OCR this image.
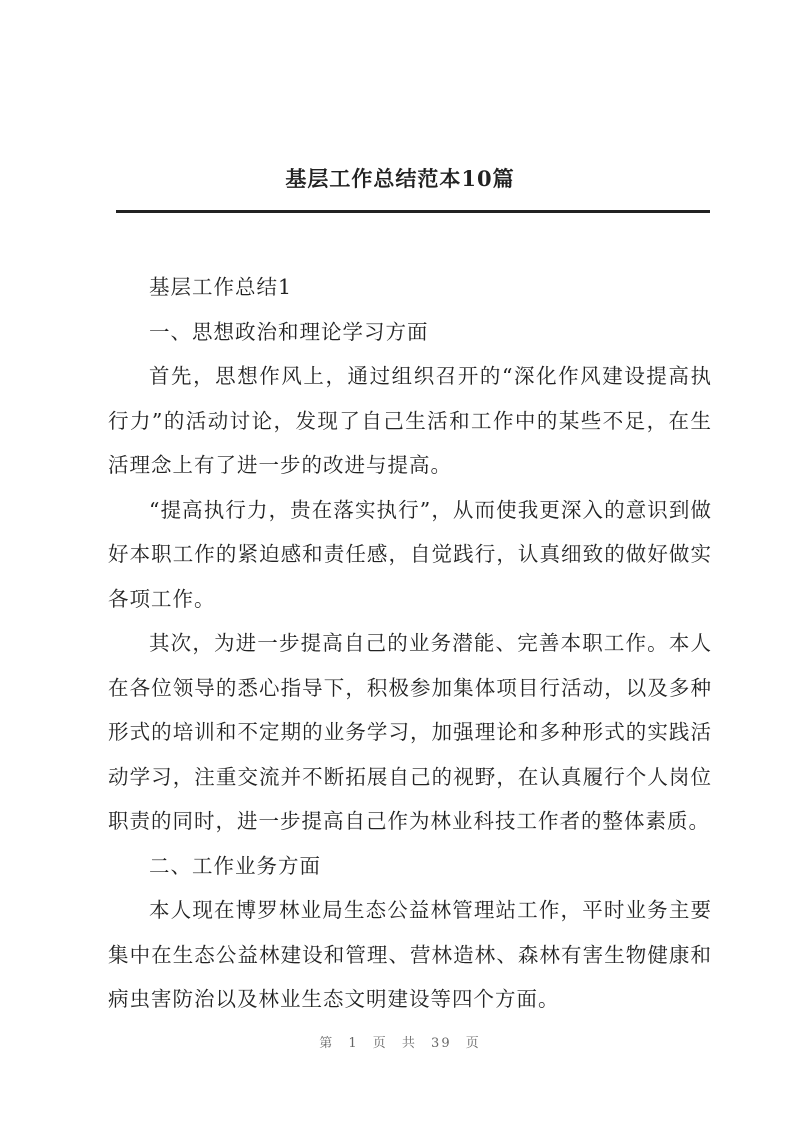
基层工作总结范本10篇

基层工作总结1

一、思想政治和理论学习方面

首先，思想作风上，通过组织召开的“深化作风建设提高执行力”的活动讨论，发现了自己生活和工作中的某些不足，在生活理念上有了进一步的改进与提高。

“提高执行力，贵在落实执行”，从而使我更深入的意识到做好本职工作的紧迫感和责任感，自觉践行，认真细致的做好做实各项工作。

其次，为进一步提高自己的业务潜能、完善本职工作。本人在各位领导的悉心指导下，积极参加集体项目行活动，以及多种形式的培训和不定期的业务学习，加强理论和多种形式的实践活动学习，注重交流并不断拓展自己的视野，在认真履行个人岗位职责的同时，进一步提高自己作为林业科技工作者的整体素质。

二、工作业务方面

本人现在博罗林业局生态公益林管理站工作，平时业务主要集中在生态公益林建设和管理、营林造林、森林有害生物健康和病虫害防治以及林业生态文明建设等四个方面。

第 1 页 共 39 页
